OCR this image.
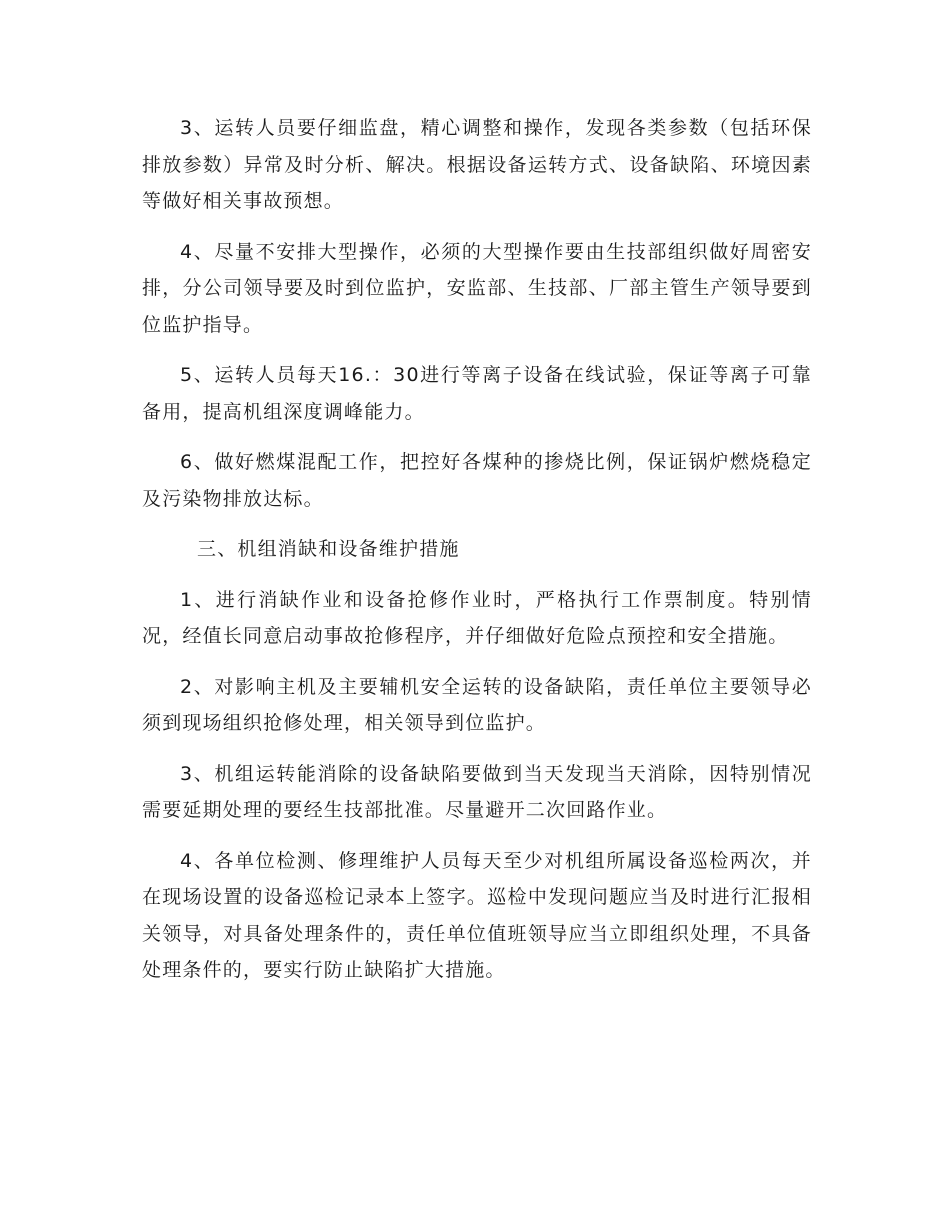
3、运转人员要仔细监盘，精心调整和操作，发现各类参数（包括环保排放参数）异常及时分析、解决。根据设备运转方式、设备缺陷、环境因素等做好相关事故预想。

4、尽量不安排大型操作，必须的大型操作要由生技部组织做好周密安排，分公司领导要及时到位监护，安监部、生技部、厂部主管生产领导要到位监护指导。

5、运转人员每天16.：30进行等离子设备在线试验，保证等离子可靠备用，提高机组深度调峰能力。

6、做好燃煤混配工作，把控好各煤种的掺烧比例，保证锅炉燃烧稳定及污染物排放达标。

三、机组消缺和设备维护措施

1、进行消缺作业和设备抢修作业时，严格执行工作票制度。特别情况，经值长同意启动事故抢修程序，并仔细做好危险点预控和安全措施。

2、对影响主机及主要辅机安全运转的设备缺陷，责任单位主要领导必须到现场组织抢修处理，相关领导到位监护。

3、机组运转能消除的设备缺陷要做到当天发现当天消除，因特别情况需要延期处理的要经生技部批准。尽量避开二次回路作业。

4、各单位检测、修理维护人员每天至少对机组所属设备巡检两次，并在现场设置的设备巡检记录本上签字。巡检中发现问题应当及时进行汇报相关领导，对具备处理条件的，责任单位值班领导应当立即组织处理，不具备处理条件的，要实行防止缺陷扩大措施。
